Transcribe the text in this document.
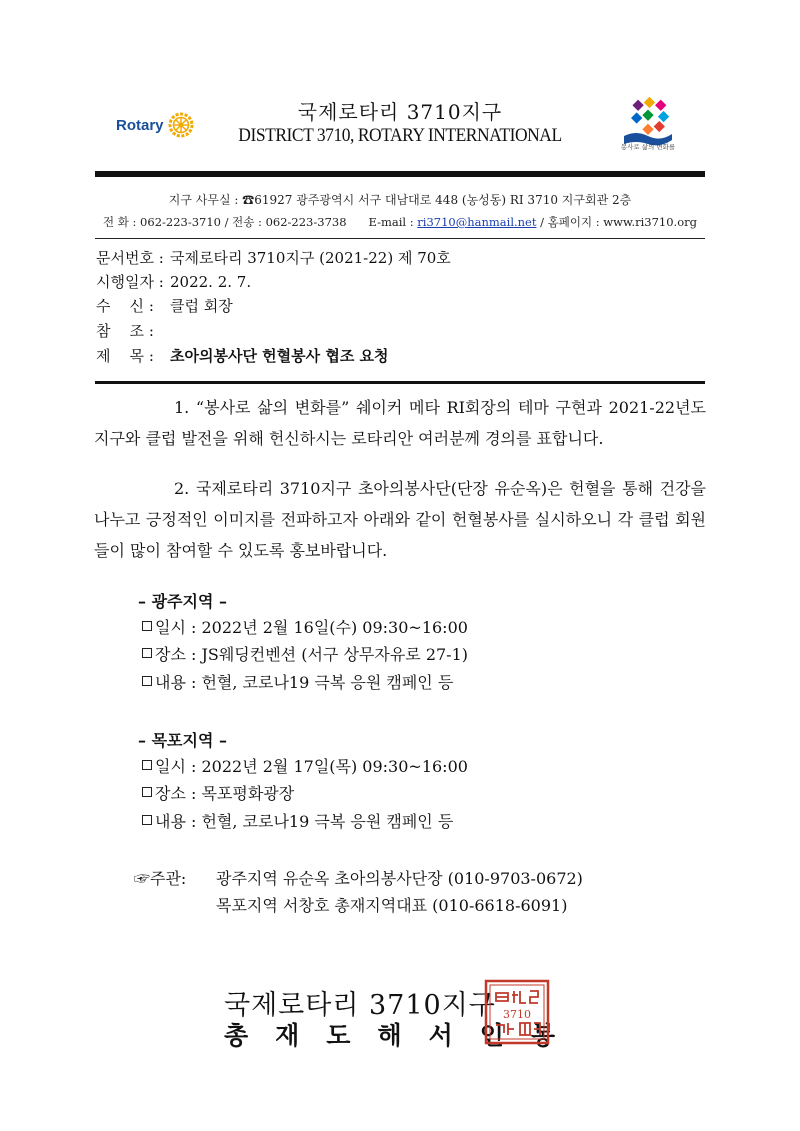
Rotary
국제로타리 3710지구
DISTRICT 3710, ROTARY INTERNATIONAL
봉사로 삶의 변화를
지구 사무실 : ☎61927 광주광역시 서구 대남대로 448 (농성동) RI 3710 지구회관 2층
전 화 : 062-223-3710 / 전송 : 062-223-3738 E-mail : ri3710@hanmail.net / 홈페이지 : www.ri3710.org
문서번호 : 국제로타리 3710지구 (2021-22) 제 70호
시행일자 : 2022. 2. 7.
수    신 : 클럽 회장
참    조 :
제    목 : 초아의봉사단 헌혈봉사 협조 요청
1. “봉사로 삶의 변화를” 쉐이커 메타 RI회장의 테마 구현과 2021-22년도 지구와 클럽 발전을 위해 헌신하시는 로타리안 여러분께 경의를 표합니다.
2. 국제로타리 3710지구 초아의봉사단(단장 유순옥)은 헌혈을 통해 건강을 나누고 긍정적인 이미지를 전파하고자 아래와 같이 헌혈봉사를 실시하오니 각 클럽 회원들이 많이 참여할 수 있도록 홍보바랍니다.
– 광주지역 –
일시 : 2022년 2월 16일(수) 09:30~16:00
장소 : JS웨딩컨벤션 (서구 상무자유로 27-1)
내용 : 헌혈, 코로나19 극복 응원 캠페인 등
– 목포지역 –
일시 : 2022년 2월 17일(목) 09:30~16:00
장소 : 목포평화광장
내용 : 헌혈, 코로나19 극복 응원 캠페인 등
☞주관: 광주지역 유순옥 초아의봉사단장 (010-9703-0672)
목포지역 서창호 총재지역대표 (010-6618-6091)
국제로타리 3710지구
총재도해서인봉
3710
